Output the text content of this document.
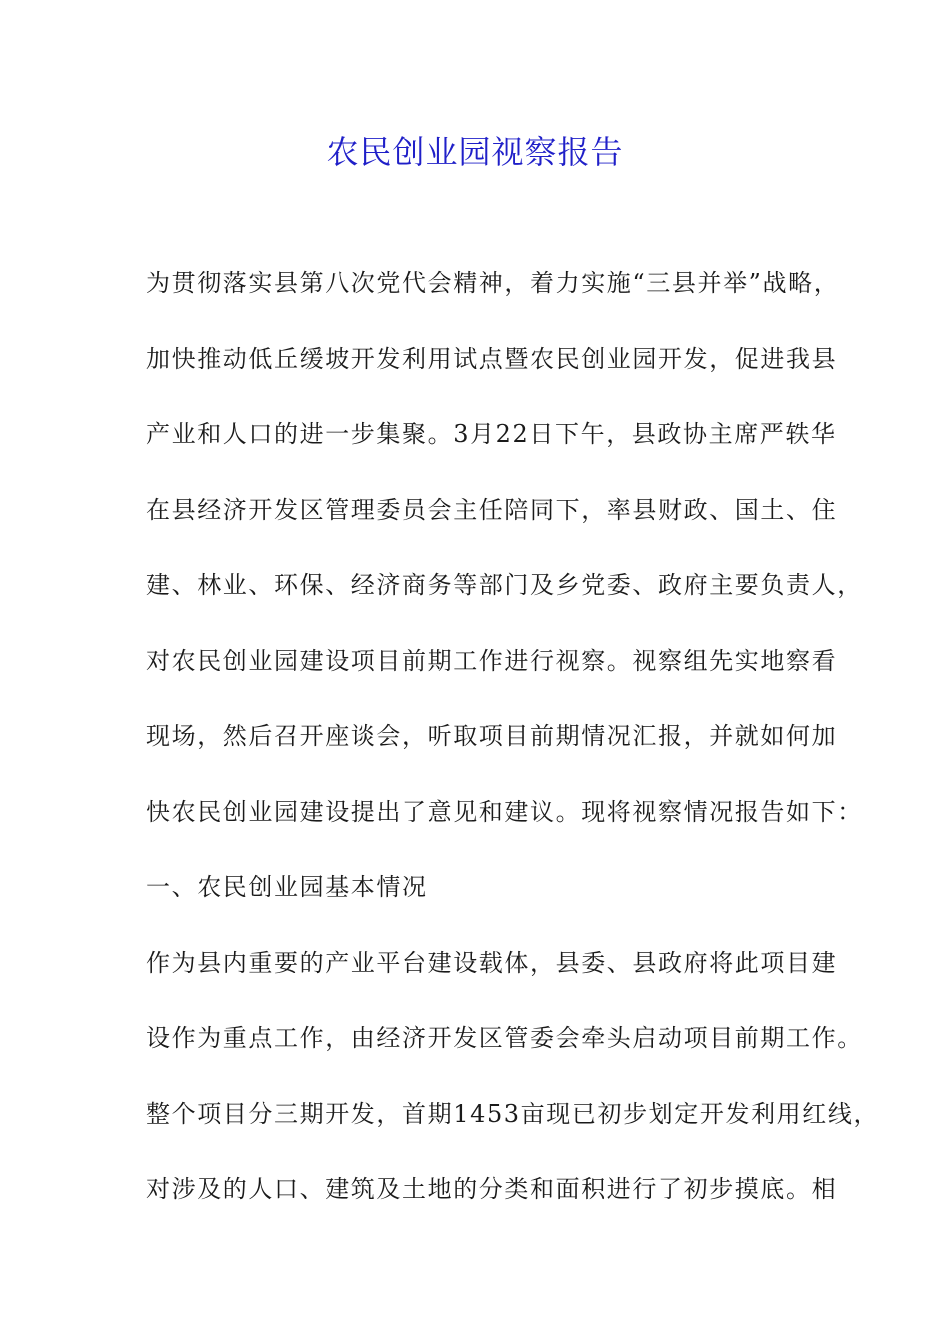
农民创业园视察报告
为贯彻落实县第八次党代会精神，着力实施“三县并举”战略，
加快推动低丘缓坡开发利用试点暨农民创业园开发，促进我县
产业和人口的进一步集聚。3月22日下午，县政协主席严轶华
在县经济开发区管理委员会主任陪同下，率县财政、国土、住
建、林业、环保、经济商务等部门及乡党委、政府主要负责人，
对农民创业园建设项目前期工作进行视察。视察组先实地察看
现场，然后召开座谈会，听取项目前期情况汇报，并就如何加
快农民创业园建设提出了意见和建议。现将视察情况报告如下：
一、农民创业园基本情况
作为县内重要的产业平台建设载体，县委、县政府将此项目建
设作为重点工作，由经济开发区管委会牵头启动项目前期工作。
整个项目分三期开发，首期1453亩现已初步划定开发利用红线，
对涉及的人口、建筑及土地的分类和面积进行了初步摸底。相
